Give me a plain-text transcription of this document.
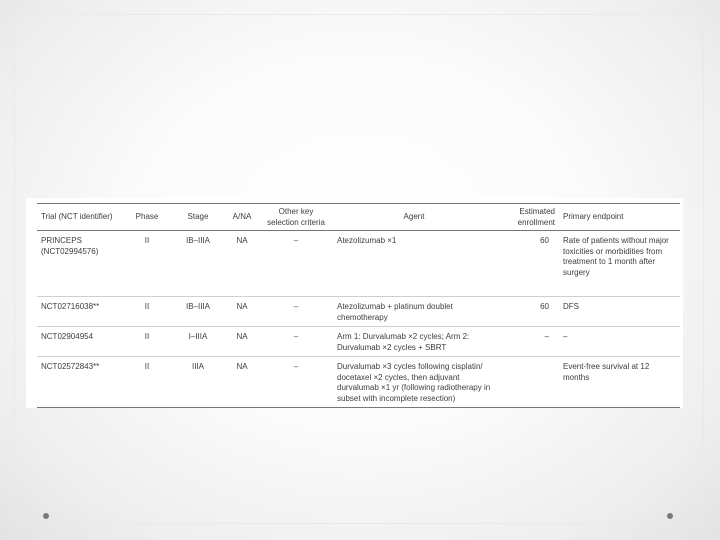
Trial (NCT identifier)	Phase	Stage	A/NA	Other key selection criteria	Agent	Estimated enrollment	Primary endpoint
PRINCEPS (NCT02994576)	II	IB–IIIA	NA	–	Atezolizumab ×1	60	Rate of patients without major toxicities or morbidities from treatment to 1 month after surgery
NCT02716038**	II	IB–IIIA	NA	–	Atezolizumab + platinum doublet chemotherapy	60	DFS
NCT02904954	II	I–IIIA	NA	–	Arm 1: Durvalumab ×2 cycles; Arm 2: Durvalumab ×2 cycles + SBRT	–	–
NCT02572843**	II	IIIA	NA	–	Durvalumab ×3 cycles following cisplatin/ docetaxel ×2 cycles, then adjuvant durvalumab ×1 yr (following radiotherapy in subset with incomplete resection)		Event-free survival at 12 months
